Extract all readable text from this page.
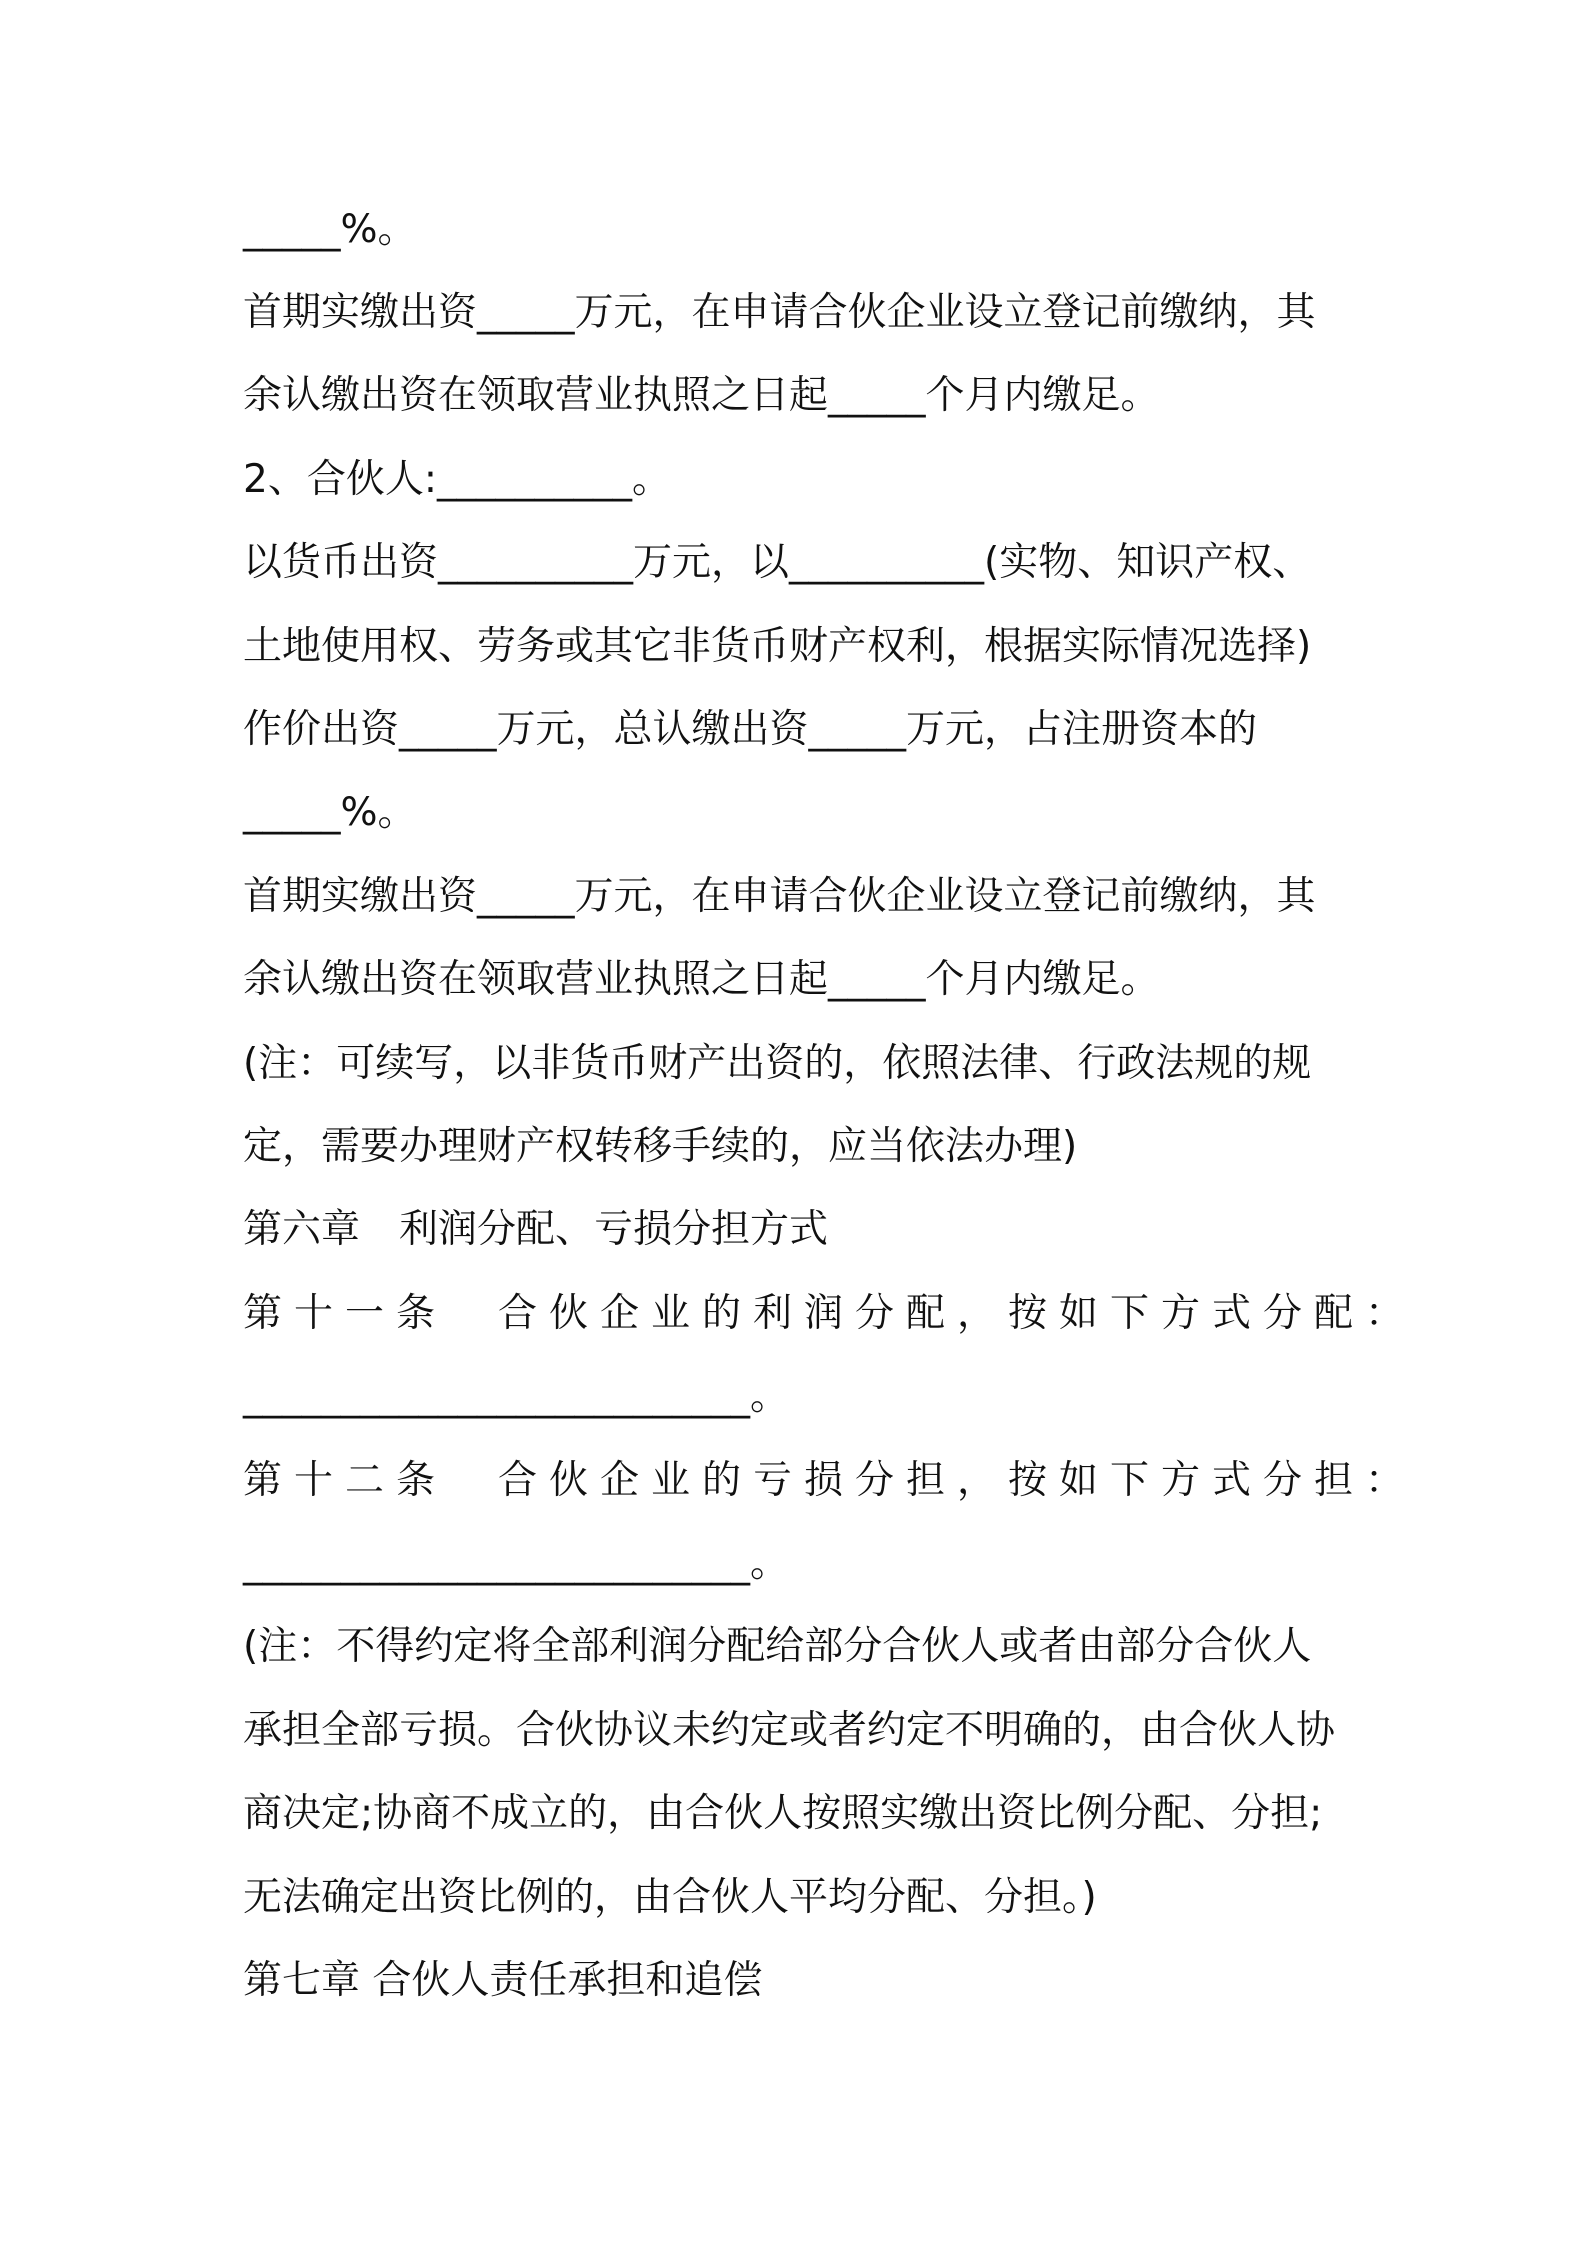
_____%。
首期实缴出资_____万元，在申请合伙企业设立登记前缴纳，其
余认缴出资在领取营业执照之日起_____个月内缴足。
2、合伙人:__________。
以货币出资__________万元，以__________(实物、知识产权、
土地使用权、劳务或其它非货币财产权利，根据实际情况选择)
作价出资_____万元，总认缴出资_____万元，占注册资本的
_____%。
首期实缴出资_____万元，在申请合伙企业设立登记前缴纳，其
余认缴出资在领取营业执照之日起_____个月内缴足。
(注：可续写，以非货币财产出资的，依照法律、行政法规的规
定，需要办理财产权转移手续的，应当依法办理)
第六章　利润分配、亏损分担方式
第十一条　合伙企业的利润分配，按如下方式分配：
__________________________。
第十二条　合伙企业的亏损分担，按如下方式分担：
__________________________。
(注：不得约定将全部利润分配给部分合伙人或者由部分合伙人
承担全部亏损。合伙协议未约定或者约定不明确的，由合伙人协
商决定;协商不成立的，由合伙人按照实缴出资比例分配、分担;
无法确定出资比例的，由合伙人平均分配、分担。)
第七章 合伙人责任承担和追偿
